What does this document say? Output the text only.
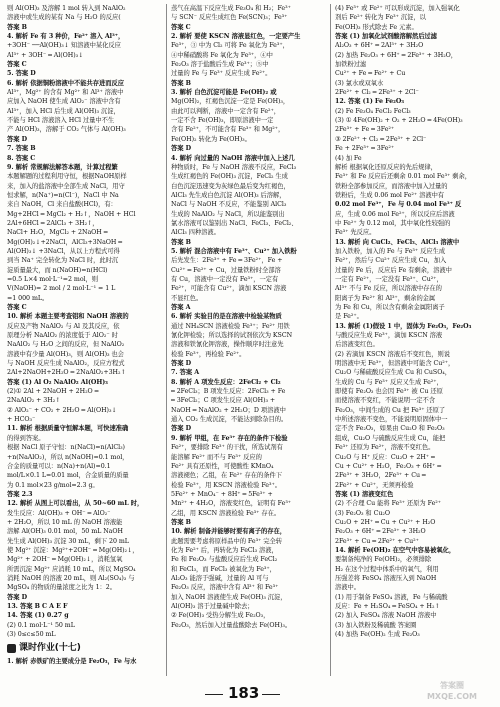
则 Al(OH)₃ 及溶解 1 mol 转入到 NaAlO₂
溶液中或生成的某有 Na 与 H₂O 的反应(
答案 B
4. 解析 Fe 有 3 种价，Fe²⁺ 溶入 Al³⁺，
+3OH⁻ ──Al(OH)₃↓ 知溶液中某化反应
Al³⁺ + 3OH⁻ ═ Al(OH)₃↓
答案 C
5. 答案 D
6. 解析 依据铜粉溶液中不能共存进而反应
Al³⁺，Mg²⁺ 的含有 Mg²⁺ 和 Al³⁺ 溶液中
应加入 NaOH 使生成 AlO₂⁻ 溶液中含有
Al³⁺，加入 HCl 后生成 Al(OH)₃ 沉淀，
不能与 HCl 溶液溶入 HCl 过量中不生
产 Al(OH)₃，溶解于 CO₂ 气体与 Al(OH)₃
答案 D
7. 答案 B
8. 答案 C
9. 解析 常规解法解答本题，计算过程繁
本题解题的过程利用守恒，根据NaOH原样
来，加入的盐溶液中全部生成 NaCl，用守
恒求解，n(Na⁺)=n(Cl⁻)，NaCl 中 Na
来自 NaOH，Cl 来自盐酸(HCl)，有：
Mg+2HCl ═ MgCl₂ + H₂↑，NaOH + HCl
2Al+6HCl ═ 2AlCl₃ + 3H₂↑，
NaCl+ H₂O，MgCl₂ + 2NaOH ═
Mg(OH)₂↓+2NaCl，AlCl₃+3NaOH ═
Al(OH)₃↓ +3NaCl，从以上方程式可得
到当 Na⁺ 完全转化为 NaCl 时，此时沉
淀质量最大，而 n(NaOH)=n(HCl)
=0.5 L×4 mol·L⁻¹=2 mol，则
V(NaOH)= 2 mol / 2 mol·L⁻¹ = 1 L
=1 000 mL。
答案 C
10. 解析 本题主要考查铝和 NaOH 溶液的
反应及产物 NaAlO₂ 与 Al 及其反应，依
原理分析 NaAlO₂ 的浓度低于 AlO₂⁻ 时
NaAlO₂ 与 H₂O 之间的反应，但 NaAlO₂
溶液中有少量 Al(OH)₃，则 Al(OH)₃ 也会
与 NaOH 反应生成 NaAlO₂，反应方程式
2Al+2NaOH+2H₂O ═ 2NaAlO₂+3H₂↑
答案 (1) Al O₂ NaAlO₂ Al(OH)₃
(2)① 2Al + 2NaOH + 2H₂O ═
2NaAlO₂ + 3H₂↑
② AlO₂⁻ + CO₂ + 2H₂O ═ Al(OH)₃↓
+ HCO₃⁻
11. 解析 根据质量守恒解本题，可快速准确
的得到答案。
根据 NaCl 原子守恒：n(NaCl)=n(AlCl₃)
+n(NaAlO₂)，所以 n(NaOH)=0.1 mol，
合金的质量可以：n(Na)+n(Al)=0.1
mol/L×0.1 L=0.01 mol，合金质量的质量
为 0.1 mol×23 g/mol=2.3 g。
答案 2.3
12. 解析 从图上可以看出，从 50~60 mL 时，
发生反应：Al(OH)₃ + OH⁻ ═ AlO₂⁻
+ 2H₂O，所以 10 mL 的 NaOH 溶液能
溶解 Al(OH)₃ 0.01 mol，50 mL NaOH
先生成 Al(OH)₃ 沉淀 30 mL，剩下 20 mL
使 Mg²⁺ 沉淀：Mg²⁺+2OH⁻ ═ Mg(OH)₂↓，
Mg²⁺ + 2OH⁻ ═ Mg(OH)₂↓，消耗氢氧
所需沉淀 Mg²⁺ 应消耗 10 mL，所以 MgSO₄
消耗 NaOH 的溶液 20 mL，则 Al₂(SO₄)₃ 与
MgSO₄ 的物质的量浓度之比为 1：2。
答案 D
13. 答案 B C A E F
14. 答案 (1) 0.27 g
(2) 0.1 mol·L⁻¹ 50 mL
(3) 0≤c≤50 mL
课时作业(十七)
1. 解析 赤铁矿的主要成分是 Fe₂O₃，Fe 与水
蒸气在高温下反应生成 Fe₃O₄ 和 H₂；Fe³⁺
与 SCN⁻ 反应生成红色 Fe(SCN)₃；Fe³⁺
答案 C
2. 解析 要使 KSCN 溶液显红色，一定要产生
Fe³⁺，③ 中为 Cl₂ 可将 Fe 氧化为 Fe³⁺，
④中稀硝酸将 Fe 氧化为 Fe³⁺，④中
Fe₂O₃ 溶于盐酸后生成 Fe³⁺；⑤中
过量的 Fe 与 Fe³⁺ 反应生成 Fe²⁺。
答案 B
3. 解析 白色沉淀可能是 Fe(OH)₂ 或
Mg(OH)₂，红褐色沉淀一定是 Fe(OH)₃，
由此可以判断，溶液中一定含有 Fe²⁺，
一定不含 Fe(OH)₃，即原溶液中一定
含有 Fe²⁺，不可能含有 Fe³⁺ 和 Mg²⁺，
Fe(OH)₂ 转化为 Fe(OH)₃。
答案 D
4. 解析 向过量的 NaOH 溶液中加入上述几
种物质时，Fe 与 NaOH 溶液不反应，FeCl₃
生成红褐色的 Fe(OH)₃ 沉淀，FeCl₂ 生成
白色沉淀迅速变为灰绿色最后变为红褐色，
AlCl₃ 先生成白色沉淀 Al(OH)₃ 后溶解，
NaCl 与 NaOH 不反应，不能鉴别 AlCl₃
生成的 NaAlO₂ 与 NaCl，所以能鉴别出
氯水溶液可以鉴别出 NaCl、FeCl₃、FeCl₂、
AlCl₃ 四种溶液。
答案 B
5. 解析 混合溶液中有 Fe³⁺、Cu²⁺ 加入铁粉
后先发生：2Fe³⁺ + Fe ═ 3Fe²⁺，Fe +
Cu²⁺ ═ Fe²⁺ + Cu，过量铁粉时全部溶
有 Cu，溶液中一定没有 Fe³⁺，一定有
Fe²⁺，可能含有 Cu²⁺，滴加 KSCN 溶液
不显红色。
答案 A
6. 解析 实验目的是在溶液中检验某物质
通过 NH₄SCN 溶液检验 Fe³⁺；Fe²⁺ 用铁
氰化钾检验；所以选择的试剂依次为 KSCN
溶液和铁氰化钾溶液，操作顺序时注意先
检验 Fe³⁺，再检验 Fe²⁺。
答案 D
7. 答案 A
8. 解析 A 项发生反应：2FeCl₂ + Cl₂
═ 2FeCl₃；B 项发生反应：2FeCl₃ + Fe
═ 3FeCl₂；C 项发生反应 Al(OH)₃ +
NaOH ═ NaAlO₂ + 2H₂O；D 项溶液中
通入 CO₂ 生成沉淀，不能达到除杂目的。
答案 D
9. 解析 甲组，在 Fe³⁺ 存在的条件下检验
Fe²⁺，要排除 Fe³⁺ 的干扰，所选试剂有
能溶解 Fe²⁺ 而不与 Fe³⁺ 反应的
Fe²⁺ 具有还原性，可使酸性 KMnO₄
溶液褪色；乙组，在 Fe²⁺ 存在的条件下
检验 Fe³⁺，用 KSCN 溶液检验 Fe³⁺。
5Fe²⁺ + MnO₄⁻ + 8H⁺ ═ 5Fe³⁺ +
Mn²⁺ + 4H₂O，溶液变红色，证明有 Fe³⁺
乙组，用 KSCN 溶液检验 Fe³⁺ 存在。
答案 B
10. 解析 制备并能够时要有离子的存在，
此题需要考虑将原样品中的 Fe³⁺ 完全转
化为 Fe²⁺ 后，再转化为 FeCl₃ 溶液，
Fe 和 Fe₂O₃ 与盐酸反应后生成 FeCl₂
和 FeCl₃，而 FeCl₃ 被氧化为 Fe³⁺，
Al₂O₃ 能溶于强碱，过量的 Al 可与
Fe₂O₃ 反应，溶液中含有 Al³⁺ 和 Fe³⁺
加入 NaOH 溶液使生成 Fe(OH)₃ 沉淀，
Al(OH)₃ 溶于过量碱中除去；
② Fe(OH)₃ 受热分解生成 Fe₂O₃，
Fe₂O₃，然后加入过量盐酸除去 Fe(OH)₃。
(4) Fe³⁺ 或 Fe²⁺ 可以形成沉淀，加入强氧化
剂后 Fe²⁺ 转化为 Fe³⁺ 沉淀，以
Fe(OH)₃ 形式除去 Fe 元素。
答案 (1) 加氧化试剂酸溶解然后过滤
Al₂O₃ + 6H⁺ ═ 2Al³⁺ + 3H₂O
(2) 加热 Fe₂O₃ + 6H⁺ ═ 2Fe³⁺ + 3H₂O，
加铁粉过滤
Cu²⁺ + Fe ═ Fe²⁺ + Cu
(3) 氯水或双氧水
2Fe²⁺ + Cl₂ ═ 2Fe³⁺ + 2Cl⁻
12. 答案 (1) Fe Fe₂O₃
(2) Fe Fe₃O₄ FeCl₂ FeCl₃
(3) ① 4Fe(OH)₂ + O₂ + 2H₂O ═ 4Fe(OH)₃
2Fe³⁺ + Fe ═ 3Fe²⁺
③ 2Fe²⁺ + Cl₂ ═ 2Fe³⁺ + 2Cl⁻
Fe + 2Fe³⁺ ═ 3Fe²⁺
(4) 加 Fe
解析 根据氧化还原反应的先后规律，
Fe³⁺ 和 Fe 反应后还剩余 0.01 mol Fe³⁺ 剩余，
铁粉全部参加反应，而溶液中加入过量的
铁粉后，生成 0.06 mol Fe²⁺ 溶液中有
0.02 mol Fe³⁺，Fe 与 0.04 mol Fe³⁺ 反
应，生成 0.06 mol Fe²⁺，所以反应后溶液
中 Fe²⁺ 为 0.12 mol，其中氧化性较强的
Fe³⁺ 先反应。
13. 解析 向 CuCl₂、FeCl₃、AlCl₃ 溶液中
加入铁粉，加入的 Fe 与 Fe³⁺ 反应生成
Fe²⁺，然后与 Cu²⁺ 反应生成 Cu，加入
过量的 Fe 后，反应后 Fe 有剩余，溶液中
一定有 Fe²⁺，一定没有 Fe³⁺、Cu²⁺，
Al³⁺ 不与 Fe 反应，所以溶液中存在的
阳离子为 Fe²⁺ 和 Al³⁺，剩余的金属
为 Fe 和 Cu，所以含有剩余金属阳离子
是 Fe²⁺。
13. 解析 (1)假设 1 中，固体为 Fe₂O₃，Fe₂O₃
与酸反应生成 Fe³⁺，滴加 KSCN 溶液
后溶液变红色。
(2) 若滴加 KSCN 溶液后不变红色，则说
明溶液中无 Fe³⁺，但溶液中可能含 Cu²⁺，
Cu₂O 与稀硫酸反应生成 Cu 和 CuSO₄，
生成的 Cu 与 Fe³⁺ 反应又生成 Fe²⁺，
即使有 Fe₂O₃ 也会因 Fe³⁺ 被 Cu 还原
而使溶液不变红，不能说明一定不含
Fe₂O₃，中间生成的 Cu 把 Fe³⁺ 还原了
中所述溶液不变色，不能说明原固体中一
定不含 Fe₂O₃，如果由 Cu₂O 和 Fe₂O₃
组成，Cu₂O 与硫酸反应生成 Cu，能把
Fe³⁺ 还原为 Fe²⁺，溶液不变红色。
Cu₂O 与 H⁺ 反应：Cu₂O + 2H⁺ ═
Cu + Cu²⁺ + H₂O，Fe₂O₃ + 6H⁺ ═
2Fe³⁺ + 3H₂O，2Fe³⁺ + Cu ═
2Fe²⁺ + Cu²⁺，无须再检验
答案 (1) 溶液变红色
(2) 不合理 Cu 能将 Fe³⁺ 还原为 Fe²⁺
(3) Fe₂O₃ 和 Cu₂O
Cu₂O + 2H⁺ ═ Cu + Cu²⁺ + H₂O
Fe₂O₃ + 6H⁺ ═ 2Fe³⁺ + 3H₂O
2Fe³⁺ + Cu ═ 2Fe²⁺ + Cu²⁺
14. 解析 Fe(OH)₂ 在空气中容易被氧化，
要制备纯净的 Fe(OH)₂，必须排除
H₂ 在这个过程中体系中的氧气，利用
压强差将 FeSO₄ 溶液压入到 NaOH
溶液中。
(1) 用于制备 FeSO₄ 溶液，Fe 与稀硫酸
反应：Fe + H₂SO₄ ═ FeSO₄ + H₂↑
(2) 加入 FeSO₄ 溶液 NaOH 溶液中
(3) 加入铁粉及稀硫酸 答案圈
(4) 加热 Fe(OH)₂ 生成 Fe₂O₃
183	答案圈
MXQE.COM
